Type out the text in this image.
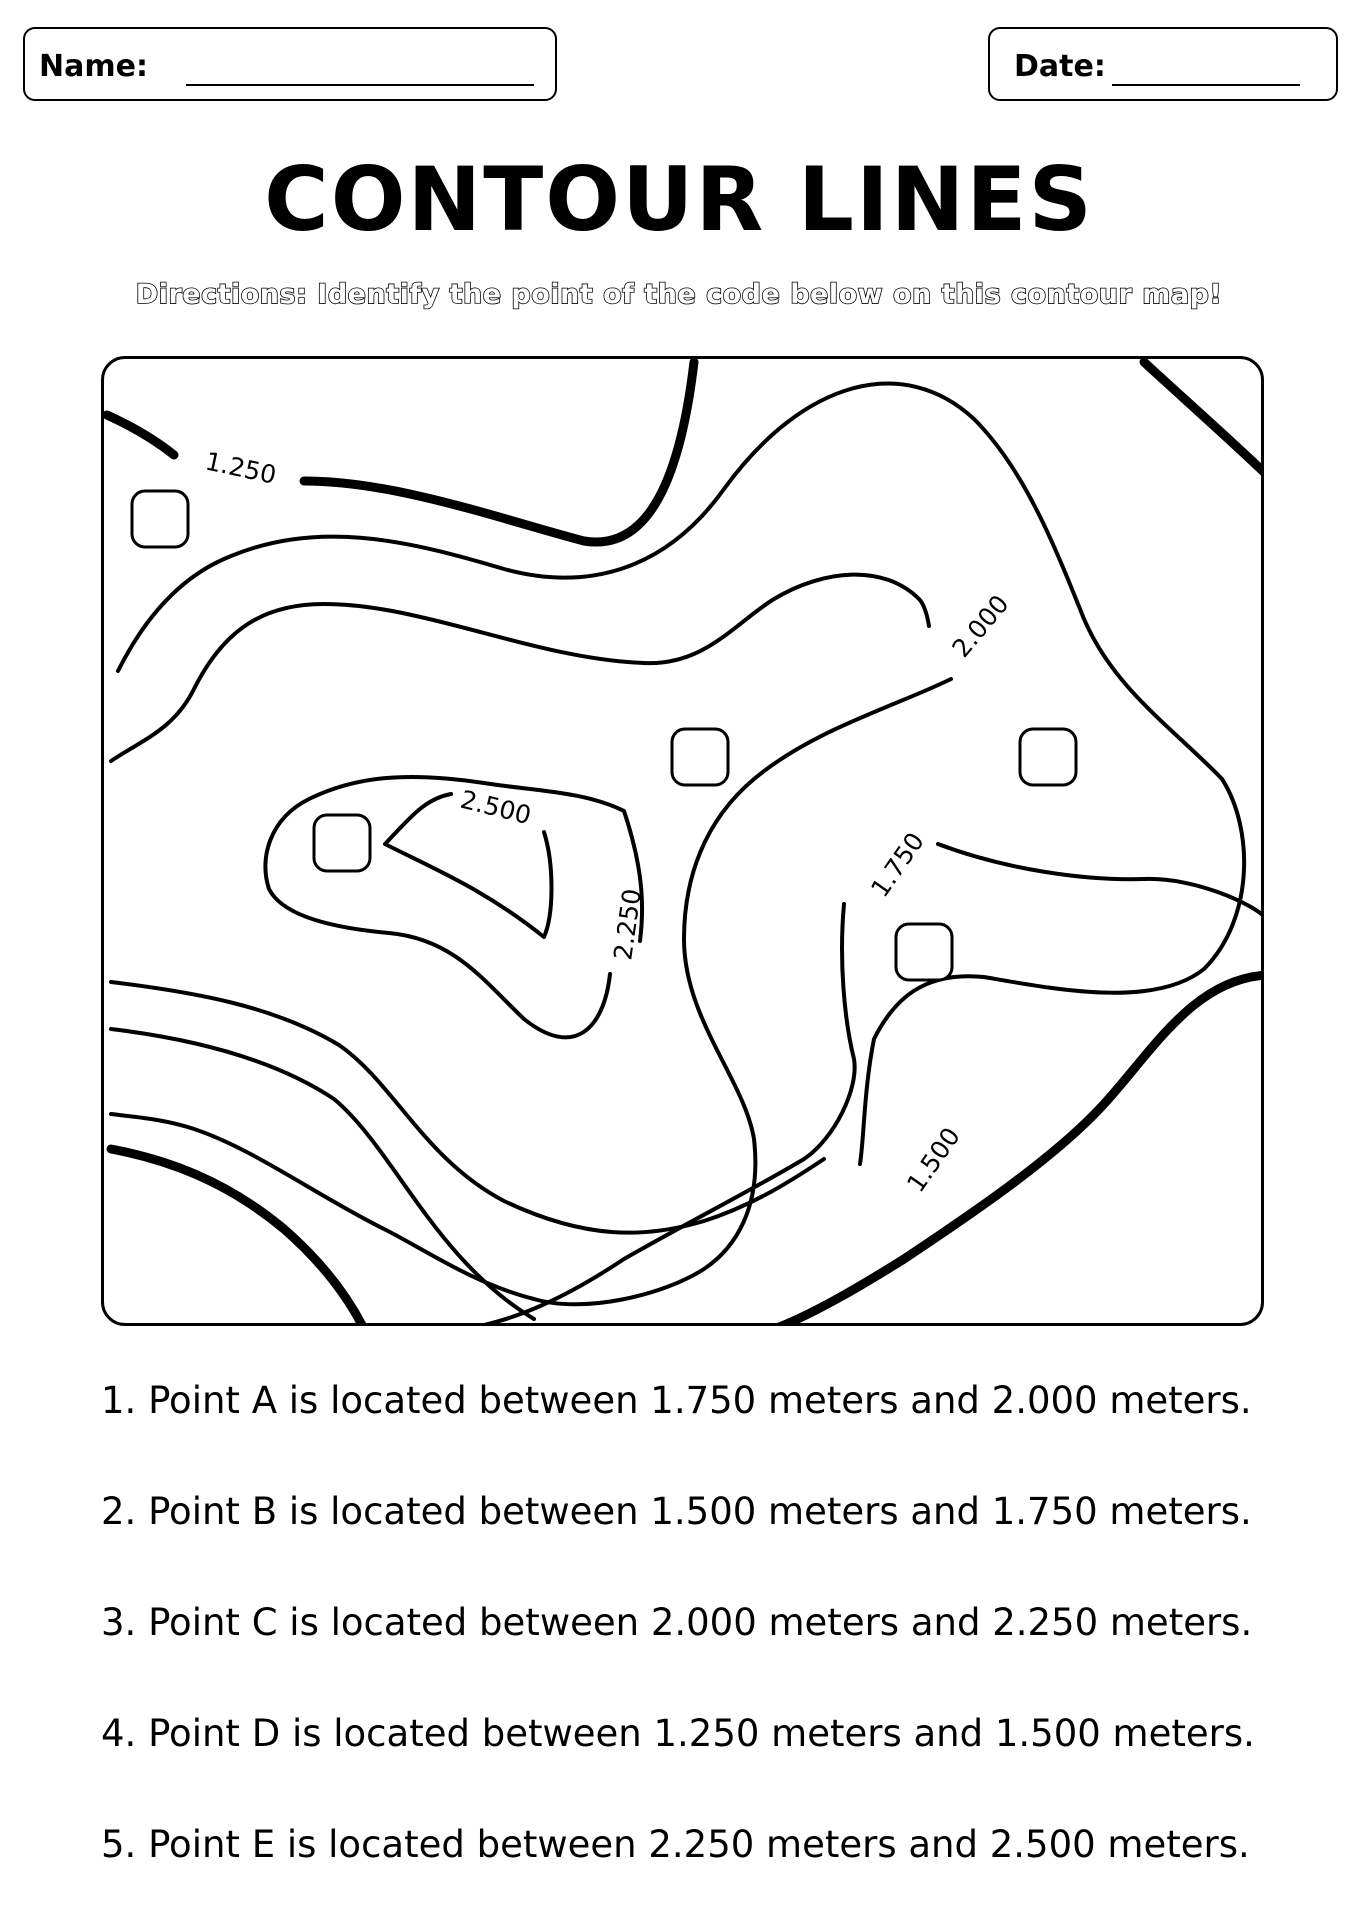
Name:	Date:
CONTOUR LINES
Directions: Identify the point of the code below on this contour map!
1.250
2.000
2.500
2.250
1.750
1.500
1. Point A is located between 1.750 meters and 2.000 meters.
2. Point B is located between 1.500 meters and 1.750 meters.
3. Point C is located between 2.000 meters and 2.250 meters.
4. Point D is located between 1.250 meters and 1.500 meters.
5. Point E is located between 2.250 meters and 2.500 meters.
